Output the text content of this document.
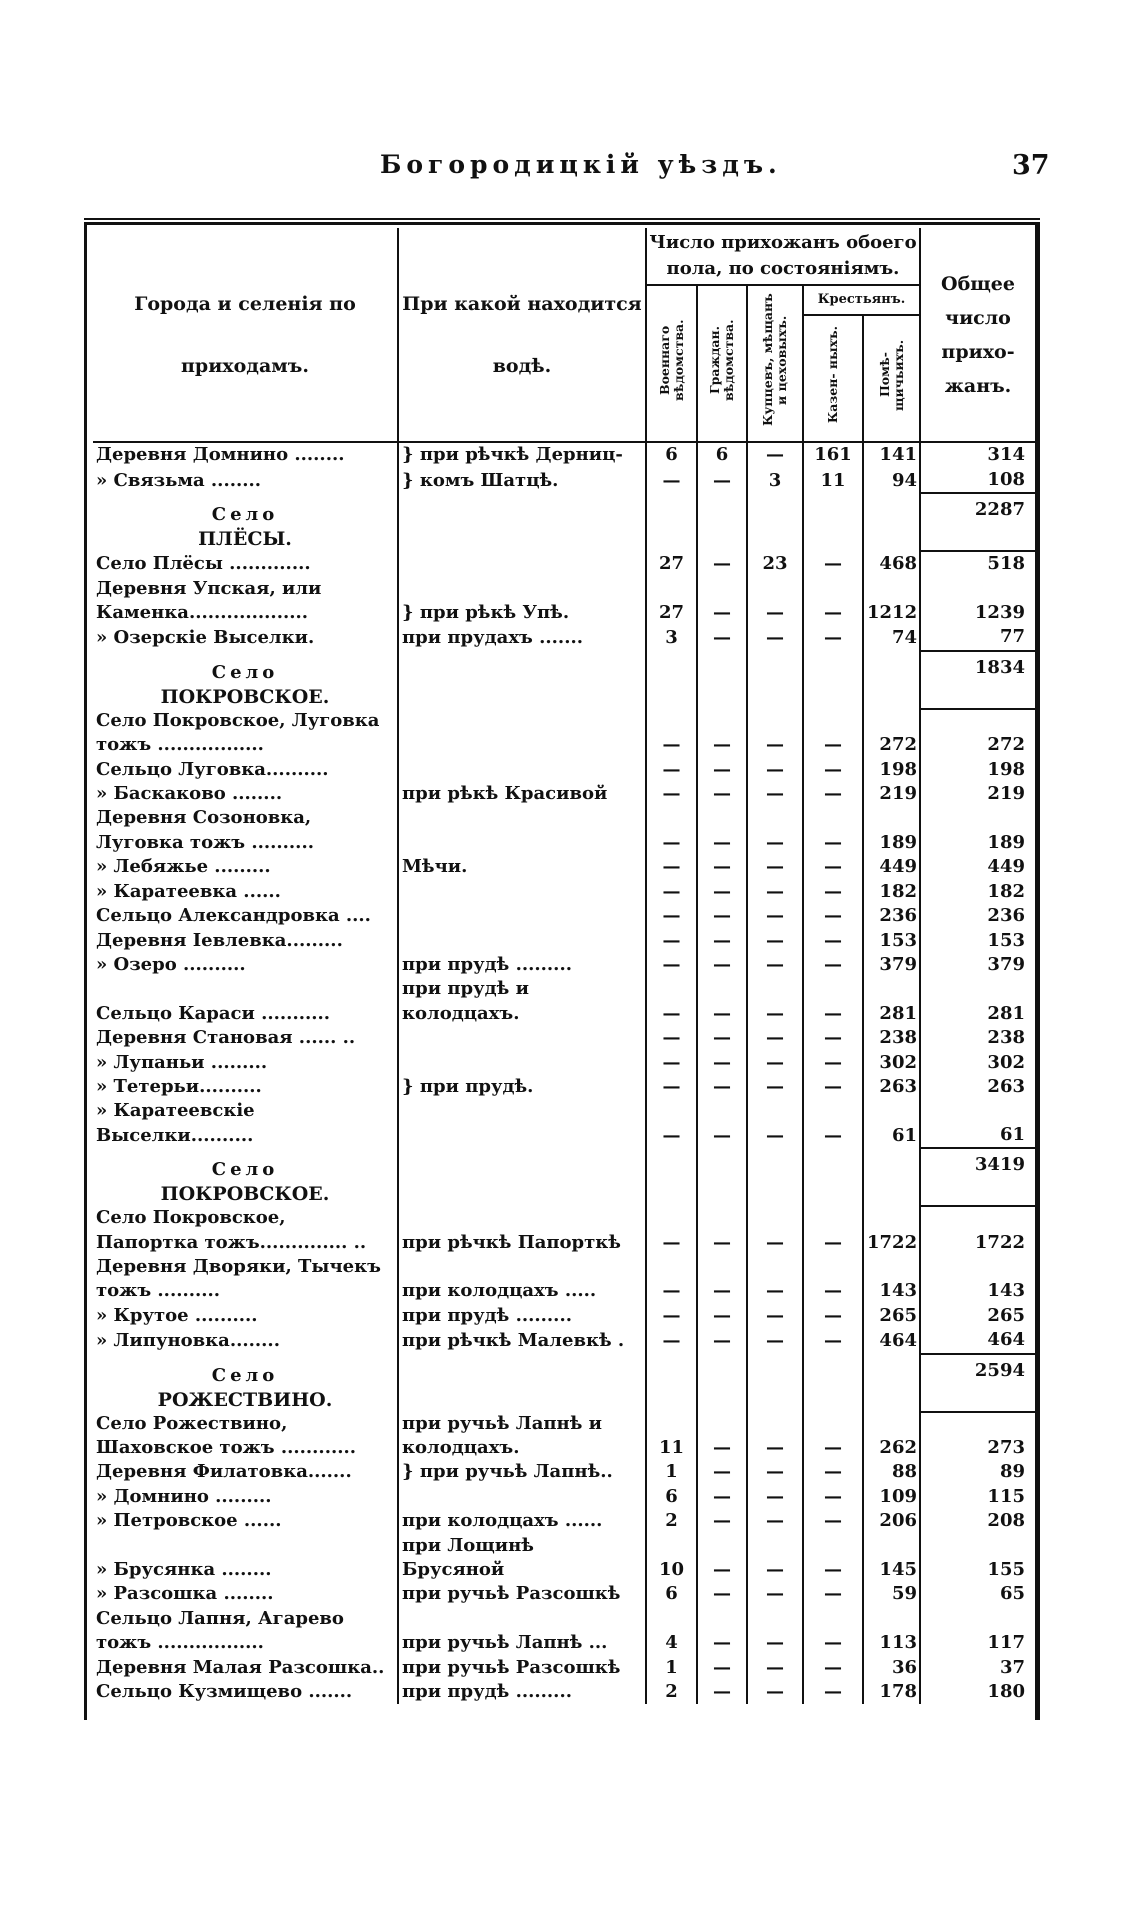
Богородицкій уѣздъ.	37
Города и селенія по приходамъ.	При какой находится водѣ.	Число прихожанъ обоего пола, по состояніямъ.					Общее число прихо- жанъ.
		Военнаго вѣдомства.	Граждан. вѣдомства.	Купцевъ, мѣщанъ и цеховыхъ.	Крестьянъ.		
					Казен- ныхъ.	Помѣ- щичьихъ.	
Деревня Домнино ........	} при рѣчкѣ Дерниц-	6	6	—	161	141	314
» Связьма ........	} комъ Шатцѣ.	—	—	3	11	94	108

Село
ПЛЁСЫ.							2287
Село Плёсы .............		27	—	23	—	468	518
Деревня Упская, или Каменка...................	} при рѣкѣ Упѣ.	27	—	—	—	1212	1239
» Озерскіе Выселки.	при прудахъ .......	3	—	—	—	74	77

Село
ПОКРОВСКОЕ.							1834
Село Покровское, Луговка тожъ .................		—	—	—	—	272	272
Сельцо Луговка..........		—	—	—	—	198	198
» Баскаково ........	при рѣкѣ Красивой	—	—	—	—	219	219
Деревня Созоновка, Луговка тожъ ..........		—	—	—	—	189	189
» Лебяжье .........	Мѣчи.	—	—	—	—	449	449
» Каратеевка ......		—	—	—	—	182	182
Сельцо Александровка ....		—	—	—	—	236	236
Деревня Іевлевка.........		—	—	—	—	153	153
» Озеро ..........	при прудѣ .........	—	—	—	—	379	379
Сельцо Караси ...........	при прудѣ и колодцахъ.	—	—	—	—	281	281
Деревня Становая ...... ..		—	—	—	—	238	238
» Лупаньи .........		—	—	—	—	302	302
» Тетерьи..........	} при прудѣ.	—	—	—	—	263	263
» Каратеевскіе Выселки..........		—	—	—	—	61	61

Село
ПОКРОВСКОЕ.							3419
Село Покровское, Папортка тожъ.............. ..	при рѣчкѣ Папорткѣ	—	—	—	—	1722	1722
Деревня Дворяки, Тычекъ тожъ ..........	при колодцахъ .....	—	—	—	—	143	143
» Крутое ..........	при прудѣ .........	—	—	—	—	265	265
» Липуновка........	при рѣчкѣ Малевкѣ .	—	—	—	—	464	464

Село
РОЖЕСТВИНО.							2594
Село Рожествино, Шаховское тожъ ............	при ручьѣ Лапнѣ и колодцахъ.	11	—	—	—	262	273
Деревня Филатовка.......	} при ручьѣ Лапнѣ..	1	—	—	—	88	89
» Домнино .........		6	—	—	—	109	115
» Петровское ......	при колодцахъ ......	2	—	—	—	206	208
» Брусянка ........	при Лощинѣ Брусяной	10	—	—	—	145	155
» Разсошка ........	при ручьѣ Разсошкѣ	6	—	—	—	59	65
Сельцо Лапня, Агарево тожъ .................	при ручьѣ Лапнѣ ...	4	—	—	—	113	117
Деревня Малая Разсошка..	при ручьѣ Разсошкѣ	1	—	—	—	36	37
Сельцо Кузмищево .......	при прудѣ .........	2	—	—	—	178	180
